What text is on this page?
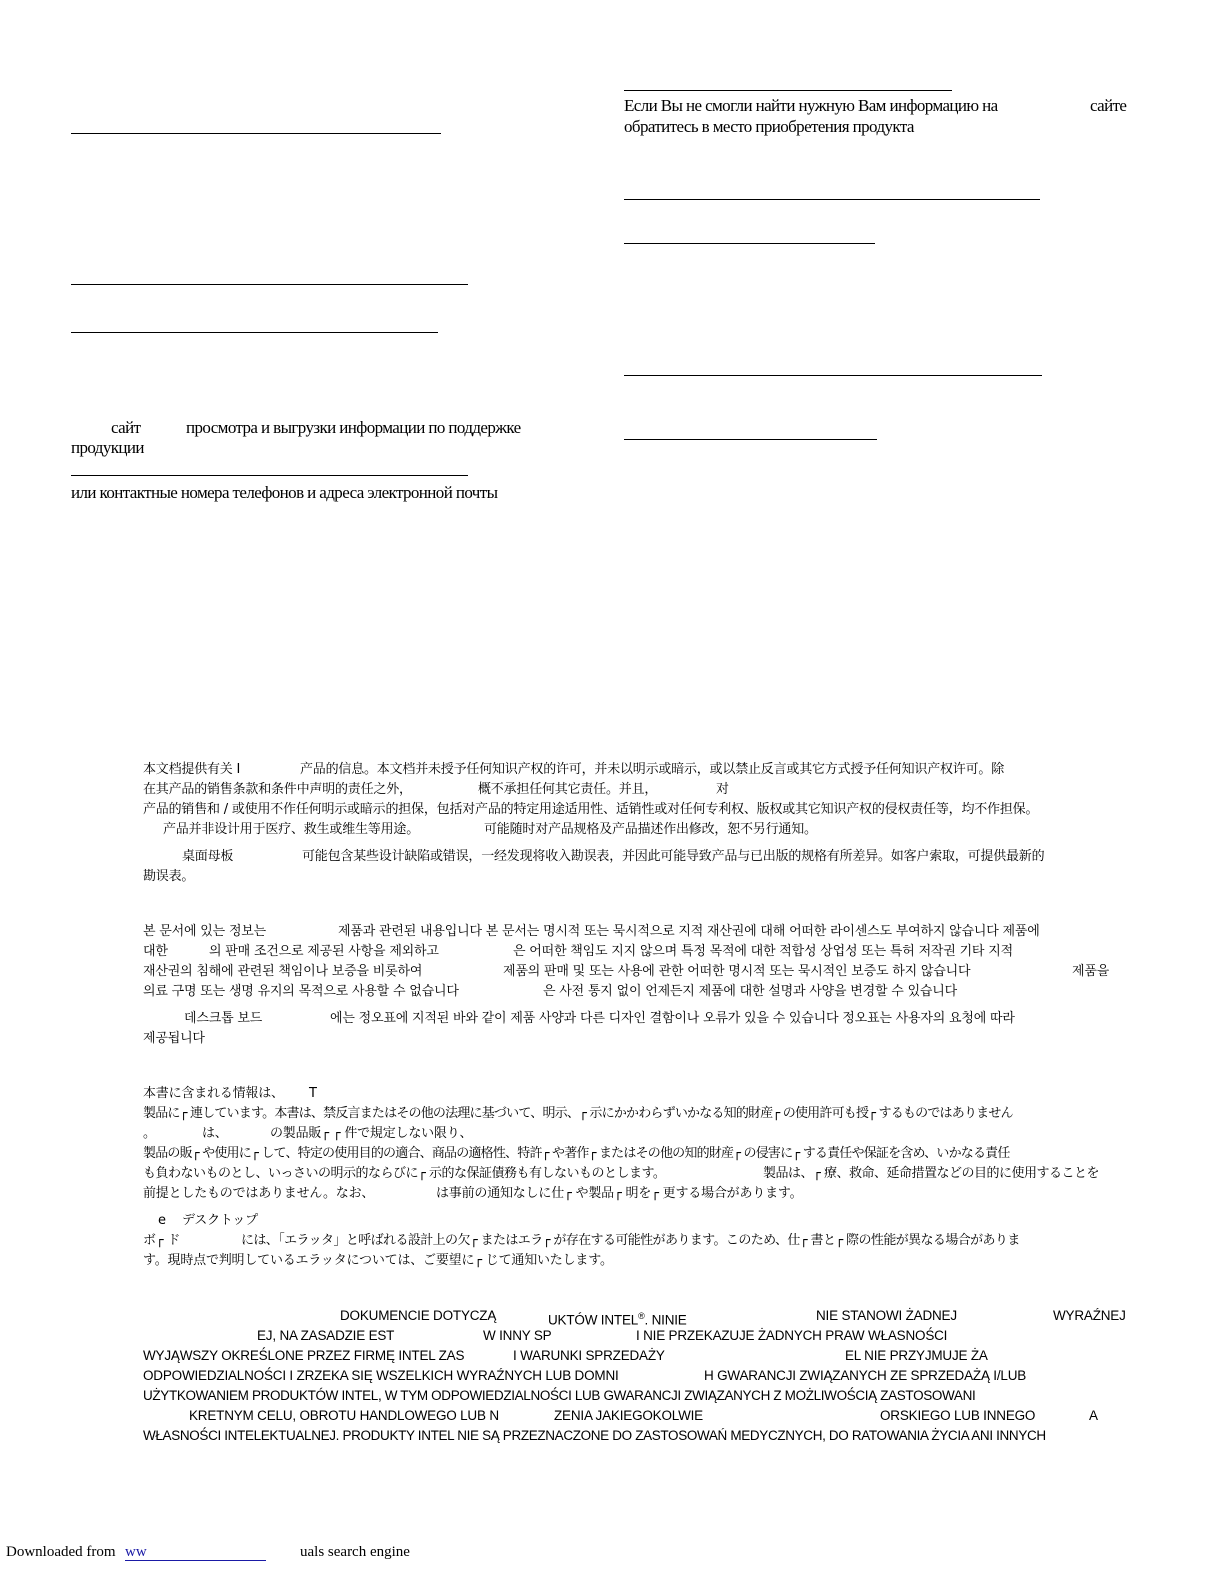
Если Вы не смогли найти нужную Вам информацию на	сайте
обратитесь в место приобретения продукта
сайт	просмотра и выгрузки информации по поддержке
продукции
или контактные номера телефонов и адреса электронной почты
本文档提供有关 I	产品的信息。本文档并未授予任何知识产权的许可，并未以明示或暗示，或以禁止反言或其它方式授予任何知识产权许可。除
在其产品的销售条款和条件中声明的责任之外，	概不承担任何其它责任。并且，	对
产品的销售和 / 或使用不作任何明示或暗示的担保，包括对产品的特定用途适用性、适销性或对任何专利权、版权或其它知识产权的侵权责任等，均不作担保。
产品并非设计用于医疗、救生或维生等用途。	可能随时对产品规格及产品描述作出修改，恕不另行通知。
桌面母板	可能包含某些设计缺陷或错误，一经发现将收入勘误表，并因此可能导致产品与已出版的规格有所差异。如客户索取，可提供最新的
勘误表。
본 문서에 있는 정보는	제품과 관련된 내용입니다 본 문서는 명시적 또는 묵시적으로 지적 재산권에 대해 어떠한 라이센스도 부여하지 않습니다 제품에
대한	의 판매 조건으로 제공된 사항을 제외하고	은 어떠한 책임도 지지 않으며 특정 목적에 대한 적합성 상업성 또는 특허 저작권 기타 지적
재산권의 침해에 관련된 책임이나 보증을 비롯하여	제품의 판매 및 또는 사용에 관한 어떠한 명시적 또는 묵시적인 보증도 하지 않습니다	제품을
의료 구명 또는 생명 유지의 목적으로 사용할 수 없습니다	은 사전 통지 없이 언제든지 제품에 대한 설명과 사양을 변경할 수 있습니다
데스크톱 보드	에는 정오표에 지적된 바와 같이 제품 사양과 다른 디자인 결함이나 오류가 있을 수 있습니다 정오표는 사용자의 요청에 따라
제공됩니다
本書に含まれる情報は、 T
製品に┌ 連しています。本書は、禁反言またはその他の法理に基づいて、明示、┌ 示にかかわらずいかなる知的財産┌ の使用許可も授┌ するものではありません
。	は、	の製品販┌ ┌ 件で規定しない限り、
製品の販┌ や使用に┌ して、特定の使用目的の適合、商品の適格性、特許┌ や著作┌ またはその他の知的財産┌ の侵害に┌ する責任や保証を含め、いかなる責任
も負わないものとし、いっさいの明示的ならびに┌ 示的な保証債務も有しないものとします。	製品は、┌ 療、救命、延命措置などの目的に使用することを
前提としたものではありません。なお、	は事前の通知なしに仕┌ や製品┌ 明を┌ 更する場合があります。
e デスクトップ
ボ┌ ド	には、「エラッタ」と呼ばれる設計上の欠┌ またはエラ┌ が存在する可能性があります。このため、仕┌ 書と┌ 際の性能が異なる場合がありま
す。現時点で判明しているエラッタについては、ご要望に┌ じて通知いたします。
DOKUMENCIE DOTYCZĄ	UKTÓW INTEL®. NINIE	NIE STANOWI ŻADNEJ	WYRAŹNEJ
EJ, NA ZASADZIE EST	W INNY SP	I NIE PRZEKAZUJE ŻADNYCH PRAW WŁASNOŚCI
WYJĄWSZY OKREŚLONE PRZEZ FIRMĘ INTEL ZAS	I WARUNKI SPRZEDAŻY	EL NIE PRZYJMUJE ŻA
ODPOWIEDZIALNOŚCI I ZRZEKA SIĘ WSZELKICH WYRAŹNYCH LUB DOMNI	H GWARANCJI ZWIĄZANYCH ZE SPRZEDAŻĄ I/LUB
UŻYTKOWANIEM PRODUKTÓW INTEL, W TYM ODPOWIEDZIALNOŚCI LUB GWARANCJI ZWIĄZANYCH Z MOŻLIWOŚCIĄ ZASTOSOWANI
KRETNYM CELU, OBROTU HANDLOWEGO LUB N	ZENIA JAKIEGOKOLWIE	ORSKIEGO LUB INNEGO	A
WŁASNOŚCI INTELEKTUALNEJ. PRODUKTY INTEL NIE SĄ PRZEZNACZONE DO ZASTOSOWAŃ MEDYCZNYCH, DO RATOWANIA ŻYCIA ANI INNYCH
Downloaded from ww	uals search engine
